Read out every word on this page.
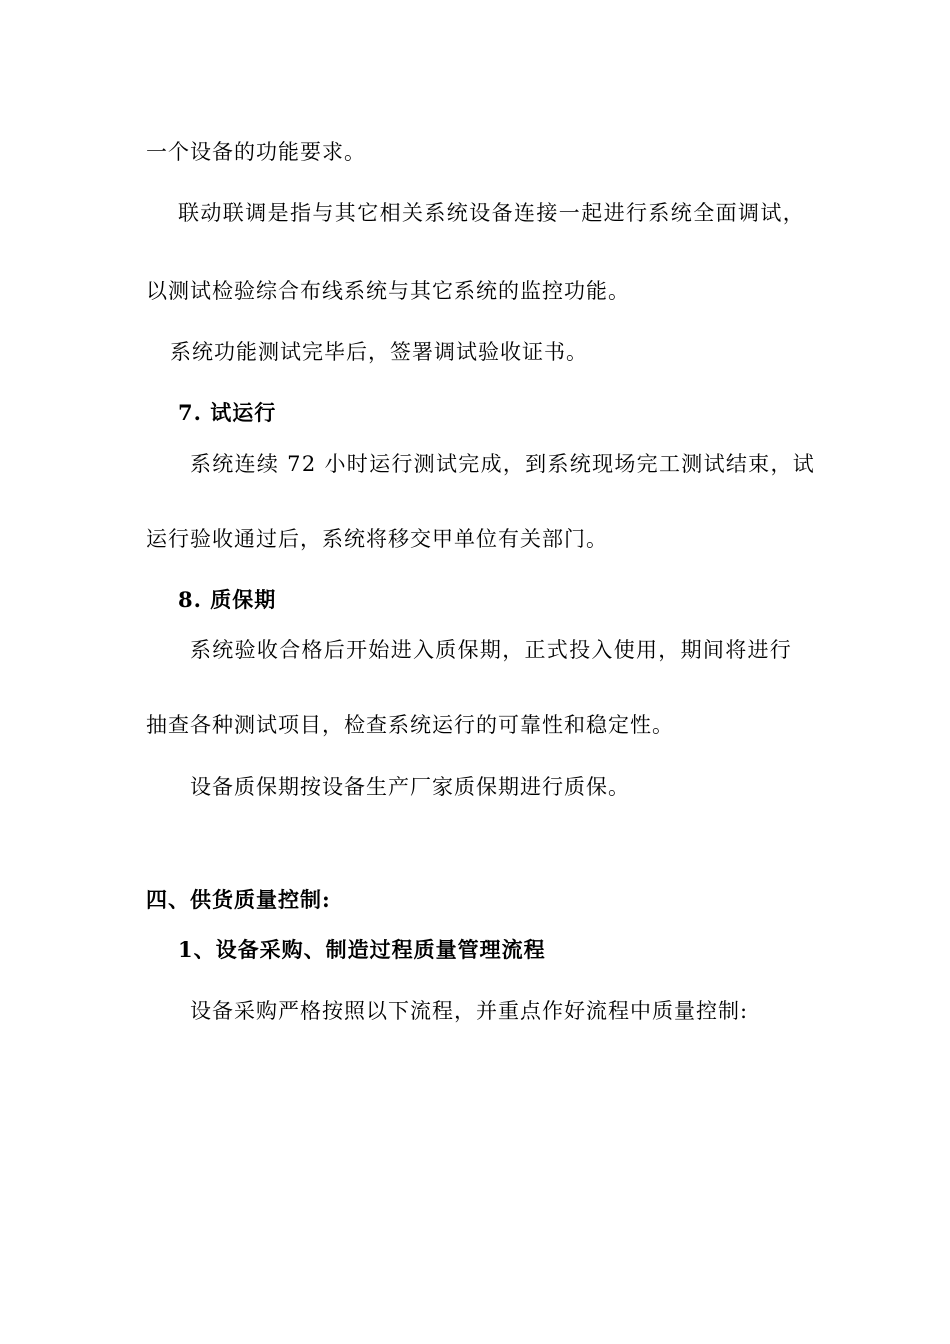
一个设备的功能要求。
联动联调是指与其它相关系统设备连接一起进行系统全面调试，
以测试检验综合布线系统与其它系统的监控功能。
系统功能测试完毕后，签署调试验收证书。
7. 试运行
系统连续 72 小时运行测试完成，到系统现场完工测试结束，试
运行验收通过后，系统将移交甲单位有关部门。
8. 质保期
系统验收合格后开始进入质保期，正式投入使用，期间将进行
抽查各种测试项目，检查系统运行的可靠性和稳定性。
设备质保期按设备生产厂家质保期进行质保。
四、供货质量控制:
1、设备采购、制造过程质量管理流程
设备采购严格按照以下流程，并重点作好流程中质量控制:
